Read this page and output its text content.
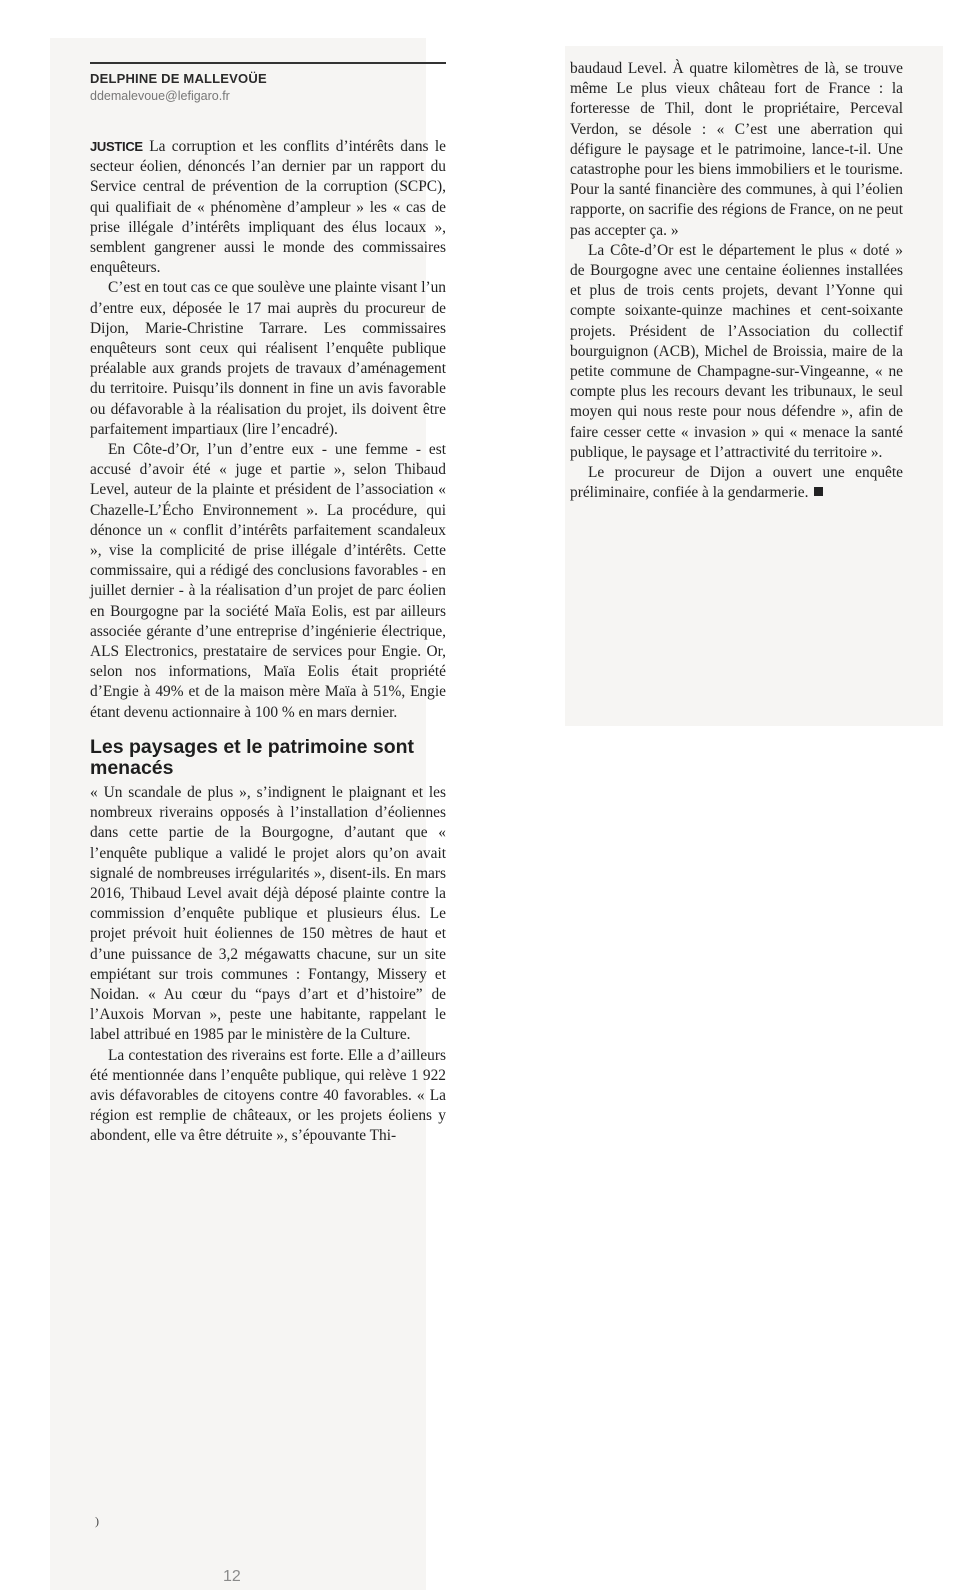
DELPHINE DE MALLEVOÜE
ddemalevoue@lefigaro.fr

JUSTICE La corruption et les conflits d’intérêts dans le secteur éolien, dénoncés l’an dernier par un rapport du Service central de prévention de la corruption (SCPC), qui qualifiait de « phénomène d’ampleur » les « cas de prise illégale d’intérêts impliquant des élus locaux », semblent gangrener aussi le monde des commissaires enquêteurs.

C’est en tout cas ce que soulève une plainte visant l’un d’entre eux, déposée le 17 mai auprès du procureur de Dijon, Marie-Christine Tarrare. Les commissaires enquêteurs sont ceux qui réalisent l’enquête publique préalable aux grands projets de travaux d’aménagement du territoire. Puisqu’ils donnent in fine un avis favorable ou défavorable à la réalisation du projet, ils doivent être parfaitement impartiaux (lire l’encadré).

En Côte-d’Or, l’un d’entre eux - une femme - est accusé d’avoir été « juge et partie », selon Thibaud Level, auteur de la plainte et président de l’association « Chazelle-L’Écho Environnement ». La procédure, qui dénonce un « conflit d’intérêts parfaitement scandaleux », vise la complicité de prise illégale d’intérêts. Cette commissaire, qui a rédigé des conclusions favorables - en juillet dernier - à la réalisation d’un projet de parc éolien en Bourgogne par la société Maïa Eolis, est par ailleurs associée gérante d’une entreprise d’ingénierie électrique, ALS Electronics, prestataire de services pour Engie. Or, selon nos informations, Maïa Eolis était propriété d’Engie à 49% et de la maison mère Maïa à 51%, Engie étant devenu actionnaire à 100 % en mars dernier.

Les paysages et le patrimoine sont menacés

« Un scandale de plus », s’indignent le plaignant et les nombreux riverains opposés à l’installation d’éoliennes dans cette partie de la Bourgogne, d’autant que « l’enquête publique a validé le projet alors qu’on avait signalé de nombreuses irrégularités », disent-ils. En mars 2016, Thibaud Level avait déjà déposé plainte contre la commission d’enquête publique et plusieurs élus. Le projet prévoit huit éoliennes de 150 mètres de haut et d’une puissance de 3,2 mégawatts chacune, sur un site empiétant sur trois communes : Fontangy, Missery et Noidan. « Au cœur du “pays d’art et d’histoire” de l’Auxois Morvan », peste une habitante, rappelant le label attribué en 1985 par le ministère de la Culture.

La contestation des riverains est forte. Elle a d’ailleurs été mentionnée dans l’enquête publique, qui relève 1 922 avis défavorables de citoyens contre 40 favorables. « La région est remplie de châteaux, or les projets éoliens y abondent, elle va être détruite », s’épouvante Thi-

)

baudaud Level. À quatre kilomètres de là, se trouve même Le plus vieux château fort de France : la forteresse de Thil, dont le propriétaire, Perceval Verdon, se désole : « C’est une aberration qui défigure le paysage et le patrimoine, lance-t-il. Une catastrophe pour les biens immobiliers et le tourisme. Pour la santé financière des communes, à qui l’éolien rapporte, on sacrifie des régions de France, on ne peut pas accepter ça. »

La Côte-d’Or est le département le plus « doté » de Bourgogne avec une centaine éoliennes installées et plus de trois cents projets, devant l’Yonne qui compte soixante-quinze machines et cent-soixante projets. Président de l’Association du collectif bourguignon (ACB), Michel de Broissia, maire de la petite commune de Champagne-sur-Vingeanne, « ne compte plus les recours devant les tribunaux, le seul moyen qui nous reste pour nous défendre », afin de faire cesser cette « invasion » qui « menace la santé publique, le paysage et l’attractivité du territoire ».

Le procureur de Dijon a ouvert une enquête préliminaire, confiée à la gendarmerie.

12
